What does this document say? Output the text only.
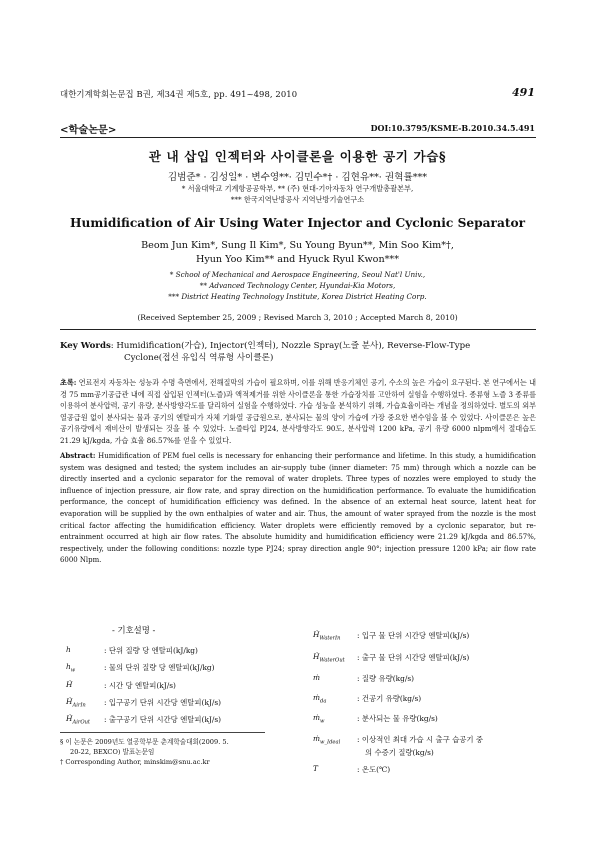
대한기계학회논문집 B권, 제34권 제5호, pp. 491~498, 2010	491
<학술논문>	DOI:10.3795/KSME-B.2010.34.5.491
관 내 삽입 인젝터와 사이클론을 이용한 공기 가습§
김범준* · 김성일* · 변수영**· 김민수*† · 김현유**· 권혁률***
* 서울대학교 기계항공공학부, ** (주) 현대-기아자동차 연구개발총괄본부,
*** 한국지역난방공사 지역난방기술연구소
Humidification of Air Using Water Injector and Cyclonic Separator
Beom Jun Kim*, Sung Il Kim*, Su Young Byun**, Min Soo Kim*†,
Hyun Yoo Kim** and Hyuck Ryul Kwon***
* School of Mechanical and Aerospace Engineering, Seoul Nat'l Univ.,
** Advanced Technology Center, Hyundai-Kia Motors,
*** District Heating Technology Institute, Korea District Heating Corp.
(Received September 25, 2009 ; Revised March 3, 2010 ; Accepted March 8, 2010)
Key Words: Humidification(가습), Injector(인젝터), Nozzle Spray(노즐 분사), Reverse-Flow-Type
Cyclone(접선 유입식 역류형 사이클론)
초록: 연료전지 자동차는 성능과 수명 측면에서, 전해질막의 가습이 필요하며, 이를 위해 반응기체인 공기, 수소의 높은 가습이 요구된다. 본 연구에서는 내경 75 mm공기공급관 내에 직접 삽입된 인젝터(노즐)과 액적제거를 위한 사이클론을 통한 가습장치를 고안하여 실험을 수행하였다. 종류형 노즐 3 종류를 이용하여 분사압력, 공기 유량, 분사방향각도를 달리하여 실험을 수행하였다. 가습 성능을 분석하기 위해, 가습효율이라는 개념을 정의하였다. 별도의 외부 열공급원 없이 분사되는 물과 공기의 엔탈피가 자체 기화열 공급원으로, 분사되는 물의 양이 가습에 가장 중요한 변수임을 볼 수 있었다. 사이클론은 높은 공기유량에서 재비산이 발생되는 것을 볼 수 있었다. 노즐타입 PJ24, 분사방향각도 90도, 분사압력 1200 kPa, 공기 유량 6000 nlpm에서 절대습도 21.29 kJ/kgda, 가습 효율 86.57%를 얻을 수 있었다.
Abstract: Humidification of PEM fuel cells is necessary for enhancing their performance and lifetime. In this study, a humidification system was designed and tested; the system includes an air-supply tube (inner diameter: 75 mm) through which a nozzle can be directly inserted and a cyclonic separator for the removal of water droplets. Three types of nozzles were employed to study the influence of injection pressure, air flow rate, and spray direction on the humidification performance. To evaluate the humidification performance, the concept of humidification efficiency was defined. In the absence of an external heat source, latent heat for evaporation will be supplied by the own enthalpies of water and air. Thus, the amount of water sprayed from the nozzle is the most critical factor affecting the humidification efficiency. Water droplets were efficiently removed by a cyclonic separator, but re-entrainment occurred at high air flow rates. The absolute humidity and humidification efficiency were 21.29 kJ/kgda and 86.57%, respectively, under the following conditions: nozzle type PJ24; spray direction angle 90°; injection pressure 1200 kPa; air flow rate 6000 Nlpm.
- 기호설명 -
h	: 단위 질량 당 엔탈피(kJ/kg)
$h_w$	: 물의 단위 질량 당 엔탈피(kJ/kg)
Ḣ	: 시간 당 엔탈피(kJ/s)
Ḣ$_{AirIn}$	: 입구공기 단위 시간당 엔탈피(kJ/s)
Ḣ$_{AirOut}$	: 출구공기 단위 시간당 엔탈피(kJ/s)
Ḣ$_{WaterIn}$	: 입구 물 단위 시간당 엔탈피(kJ/s)
Ḣ$_{WaterOut}$	: 출구 물 단위 시간당 엔탈피(kJ/s)
ṁ	: 질량 유량(kg/s)
ṁ$_{da}$	: 건공기 유량(kg/s)
ṁ$_w$	: 분사되는 물 유량(kg/s)
ṁ$_{w\_Ideal}$	: 이상적인 최대 가습 시 출구 습공기 중
의 수증기 질량(kg/s)
T	: 온도(℃)
§ 이 논문은 2009년도 열공학부문 춘계학술대회(2009. 5.
20-22, BEXCO) 발표논문임
† Corresponding Author, minskim@snu.ac.kr
